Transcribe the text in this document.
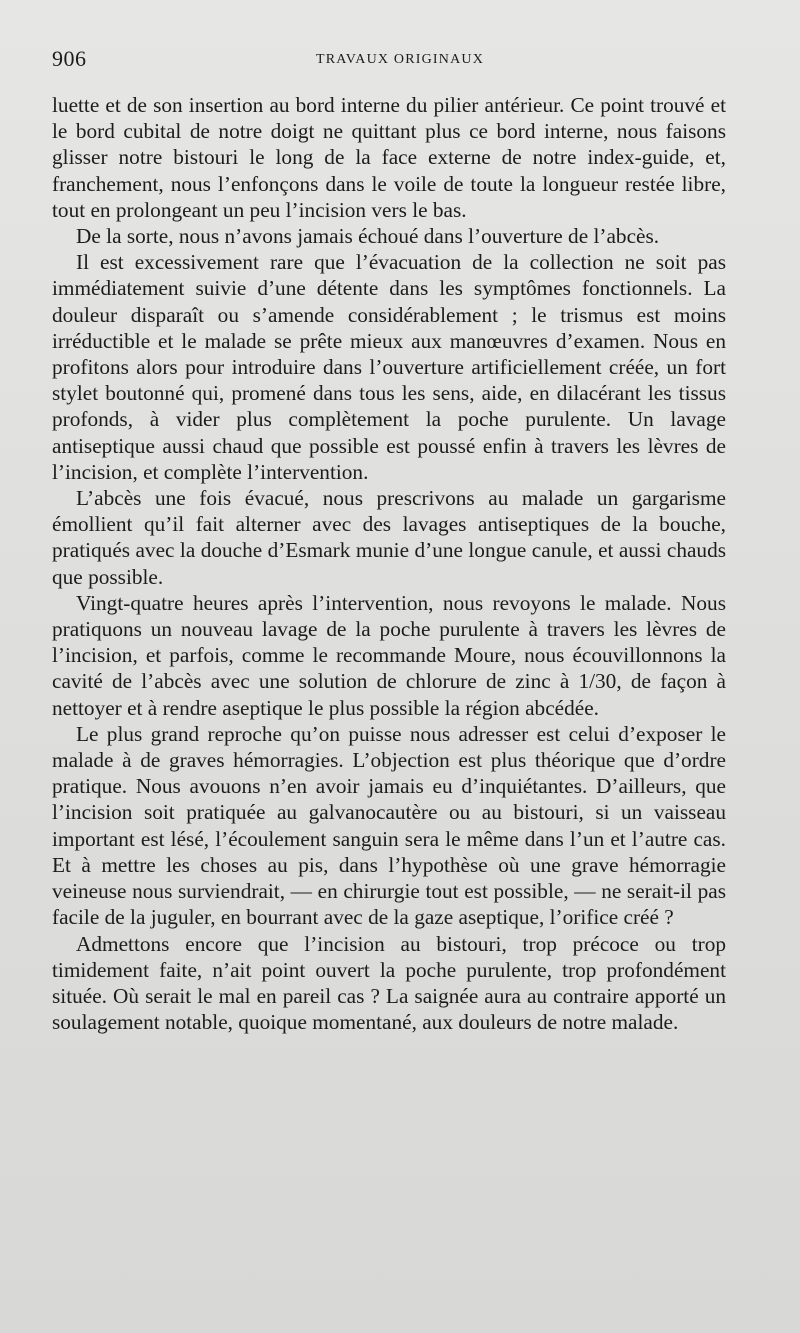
906	TRAVAUX ORIGINAUX

luette et de son insertion au bord interne du pilier antérieur. Ce point trouvé et le bord cubital de notre doigt ne quittant plus ce bord interne, nous faisons glisser notre bistouri le long de la face externe de notre index-guide, et, franchement, nous l’enfonçons dans le voile de toute la longueur restée libre, tout en prolongeant un peu l’incision vers le bas.

De la sorte, nous n’avons jamais échoué dans l’ouverture de l’abcès.

Il est excessivement rare que l’évacuation de la collection ne soit pas immédiatement suivie d’une détente dans les symptômes fonctionnels. La douleur disparaît ou s’amende considérablement ; le trismus est moins irréductible et le malade se prête mieux aux manœuvres d’examen. Nous en profitons alors pour introduire dans l’ouverture artificiellement créée, un fort stylet boutonné qui, promené dans tous les sens, aide, en dilacérant les tissus profonds, à vider plus complètement la poche purulente. Un lavage antiseptique aussi chaud que possible est poussé enfin à travers les lèvres de l’incision, et complète l’intervention.

L’abcès une fois évacué, nous prescrivons au malade un gargarisme émollient qu’il fait alterner avec des lavages antiseptiques de la bouche, pratiqués avec la douche d’Esmark munie d’une longue canule, et aussi chauds que possible.

Vingt-quatre heures après l’intervention, nous revoyons le malade. Nous pratiquons un nouveau lavage de la poche purulente à travers les lèvres de l’incision, et parfois, comme le recommande Moure, nous écouvillonnons la cavité de l’abcès avec une solution de chlorure de zinc à 1/30, de façon à nettoyer et à rendre aseptique le plus possible la région abcédée.

Le plus grand reproche qu’on puisse nous adresser est celui d’exposer le malade à de graves hémorragies. L’objection est plus théorique que d’ordre pratique. Nous avouons n’en avoir jamais eu d’inquiétantes. D’ailleurs, que l’incision soit pratiquée au galvanocautère ou au bistouri, si un vaisseau important est lésé, l’écoulement sanguin sera le même dans l’un et l’autre cas. Et à mettre les choses au pis, dans l’hypothèse où une grave hémorragie veineuse nous surviendrait, — en chirurgie tout est possible, — ne serait-il pas facile de la juguler, en bourrant avec de la gaze aseptique, l’orifice créé ?

Admettons encore que l’incision au bistouri, trop précoce ou trop timidement faite, n’ait point ouvert la poche purulente, trop profondément située. Où serait le mal en pareil cas ? La saignée aura au contraire apporté un soulagement notable, quoique momentané, aux douleurs de notre malade.
